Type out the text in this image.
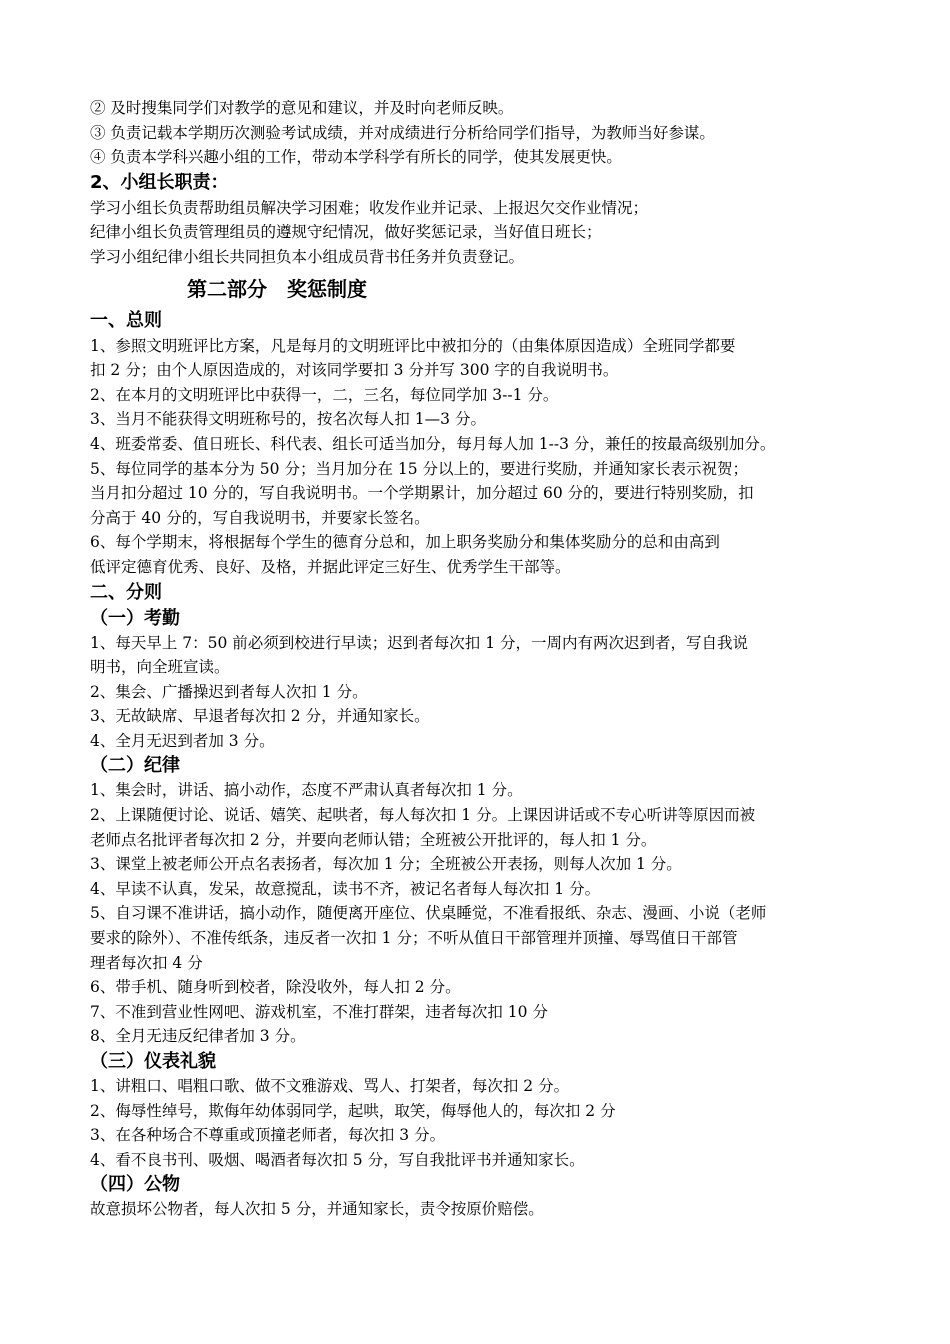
② 及时搜集同学们对教学的意见和建议，并及时向老师反映。
③ 负责记载本学期历次测验考试成绩，并对成绩进行分析给同学们指导，为教师当好参谋。
④ 负责本学科兴趣小组的工作，带动本学科学有所长的同学，使其发展更快。
2、小组长职责：
学习小组长负责帮助组员解决学习困难；收发作业并记录、上报迟欠交作业情况；
纪律小组长负责管理组员的遵规守纪情况，做好奖惩记录，当好值日班长；
学习小组纪律小组长共同担负本小组成员背书任务并负责登记。
第二部分　奖惩制度
一、总则
1、参照文明班评比方案，凡是每月的文明班评比中被扣分的（由集体原因造成）全班同学都要
扣 2 分；由个人原因造成的，对该同学要扣 3 分并写 300 字的自我说明书。
2、在本月的文明班评比中获得一，二，三名，每位同学加 3--1 分。
3、当月不能获得文明班称号的，按名次每人扣 1—3 分。
4、班委常委、值日班长、科代表、组长可适当加分，每月每人加 1--3 分，兼任的按最高级别加分。
5、每位同学的基本分为 50 分；当月加分在 15 分以上的，要进行奖励，并通知家长表示祝贺；
当月扣分超过 10 分的，写自我说明书。一个学期累计，加分超过 60 分的，要进行特别奖励，扣
分高于 40 分的，写自我说明书，并要家长签名。
6、每个学期末，将根据每个学生的德育分总和，加上职务奖励分和集体奖励分的总和由高到
低评定德育优秀、良好、及格，并据此评定三好生、优秀学生干部等。
二、分则
（一）考勤
1、每天早上 7：50 前必须到校进行早读；迟到者每次扣 1 分，一周内有两次迟到者，写自我说
明书，向全班宣读。
2、集会、广播操迟到者每人次扣 1 分。
3、无故缺席、早退者每次扣 2 分，并通知家长。
4、全月无迟到者加 3 分。
（二）纪律
1、集会时，讲话、搞小动作，态度不严肃认真者每次扣 1 分。
2、上课随便讨论、说话、嬉笑、起哄者，每人每次扣 1 分。上课因讲话或不专心听讲等原因而被
老师点名批评者每次扣 2 分，并要向老师认错；全班被公开批评的，每人扣 1 分。
3、课堂上被老师公开点名表扬者，每次加 1 分；全班被公开表扬，则每人次加 1 分。
4、早读不认真，发呆，故意搅乱，读书不齐，被记名者每人每次扣 1 分。
5、自习课不准讲话，搞小动作，随便离开座位、伏桌睡觉，不准看报纸、杂志、漫画、小说（老师
要求的除外）、不准传纸条，违反者一次扣 1 分；不听从值日干部管理并顶撞、辱骂值日干部管
理者每次扣 4 分
6、带手机、随身听到校者，除没收外，每人扣 2 分。
7、不准到营业性网吧、游戏机室，不准打群架，违者每次扣 10 分
8、全月无违反纪律者加 3 分。
（三）仪表礼貌
1、讲粗口、唱粗口歌、做不文雅游戏、骂人、打架者，每次扣 2 分。
2、侮辱性绰号，欺侮年幼体弱同学，起哄，取笑，侮辱他人的，每次扣 2 分
3、在各种场合不尊重或顶撞老师者，每次扣 3 分。
4、看不良书刊、吸烟、喝酒者每次扣 5 分，写自我批评书并通知家长。
（四）公物
故意损坏公物者，每人次扣 5 分，并通知家长，责令按原价赔偿。
